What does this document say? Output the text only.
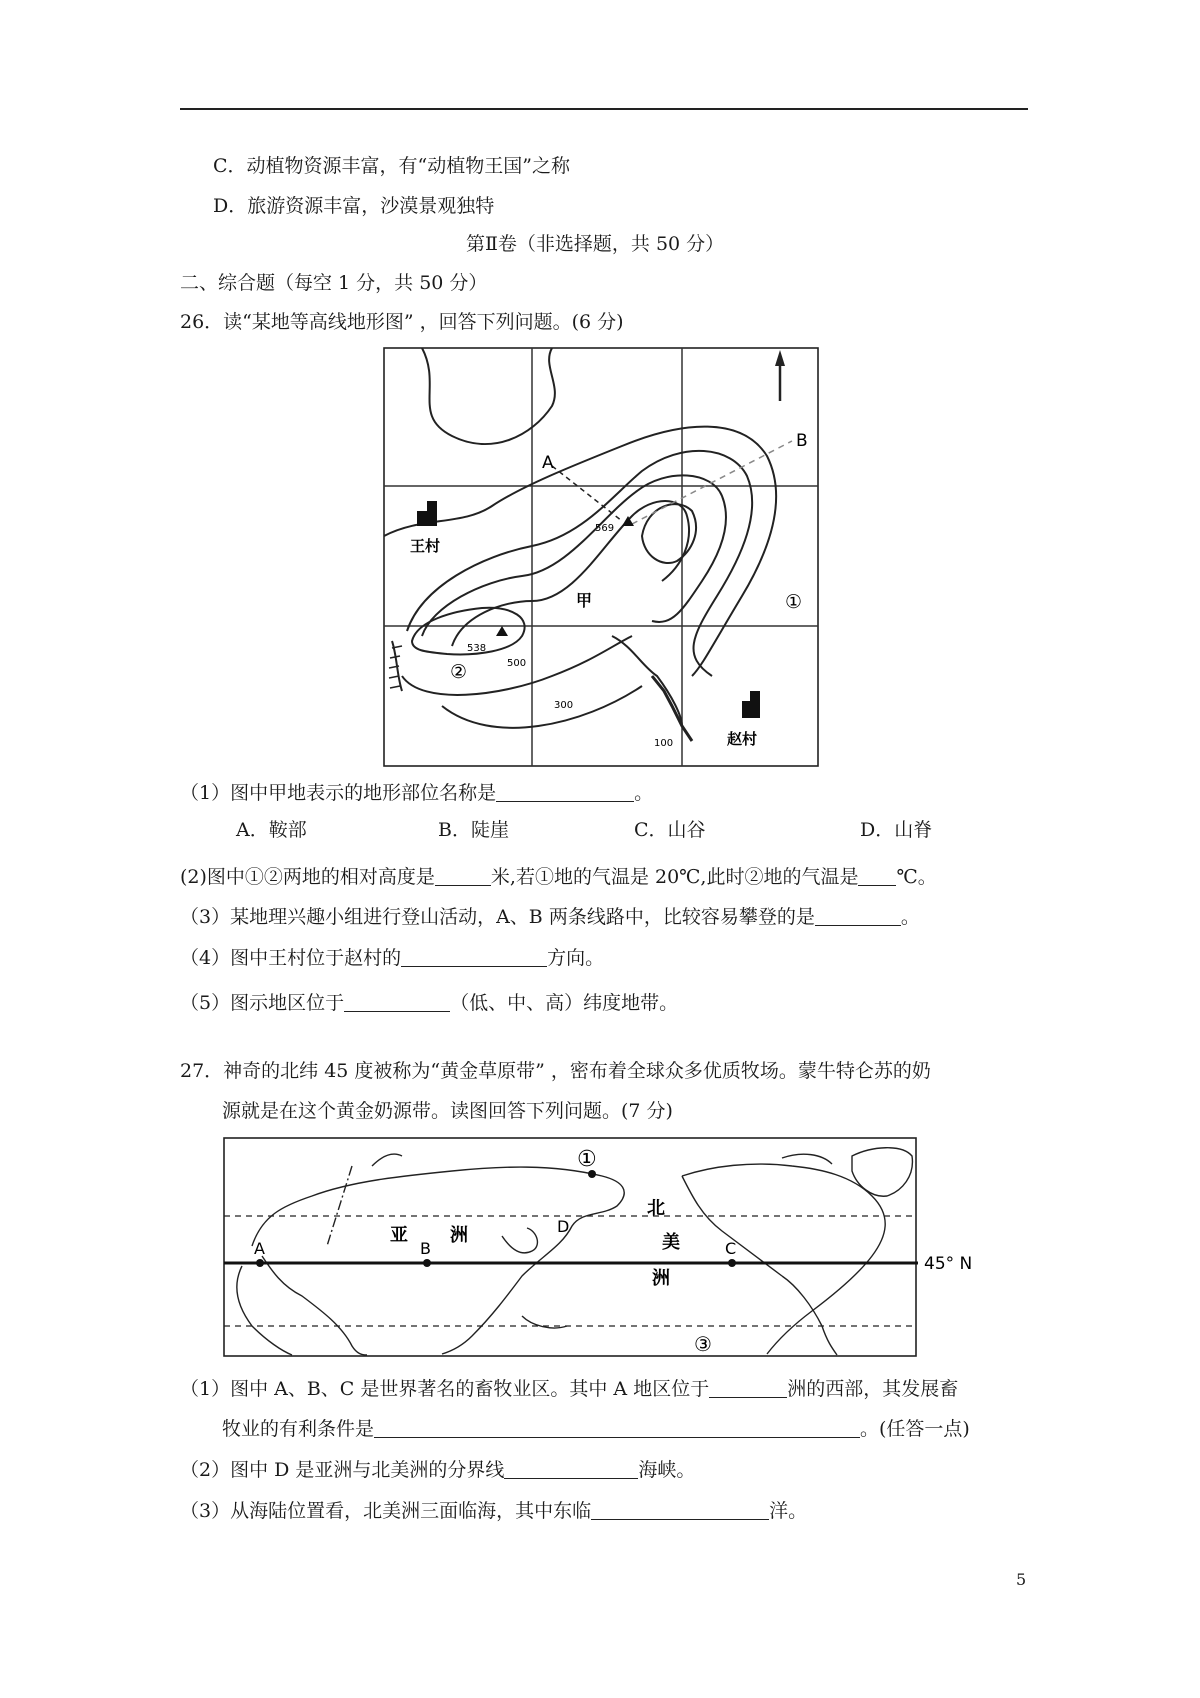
C．动植物资源丰富，有“动植物王国”之称
D．旅游资源丰富，沙漠景观独特
第Ⅱ卷（非选择题，共 50 分）
二、综合题（每空 1 分，共 50 分）
26．读“某地等高线地形图” ，回答下列问题。(6 分)
A
B
王村
赵村
甲	①
②
569
538
500
300
100
（1）图中甲地表示的地形部位名称是	。
A．鞍部	B．陡崖	C．山谷	D．山脊
(2)图中①②两地的相对高度是	米,若①地的气温是 20℃,此时②地的气温是 ℃。
（3）某地理兴趣小组进行登山活动，A、B 两条线路中，比较容易攀登的是	。
（4）图中王村位于赵村的	方向。
（5）图示地区位于	（低、中、高）纬度地带。
27．神奇的北纬 45 度被称为“黄金草原带” ，密布着全球众多优质牧场。蒙牛特仑苏的奶
源就是在这个黄金奶源带。读图回答下列问题。(7 分)
A	B	C
D
亚 洲
北
美
洲
①
③
45° N
（1）图中 A、B、C 是世界著名的畜牧业区。其中 A 地区位于	洲的西部，其发展畜
牧业的有利条件是	。(任答一点)
（2）图中 D 是亚洲与北美洲的分界线	海峡。
（3）从海陆位置看，北美洲三面临海，其中东临	洋。
5
